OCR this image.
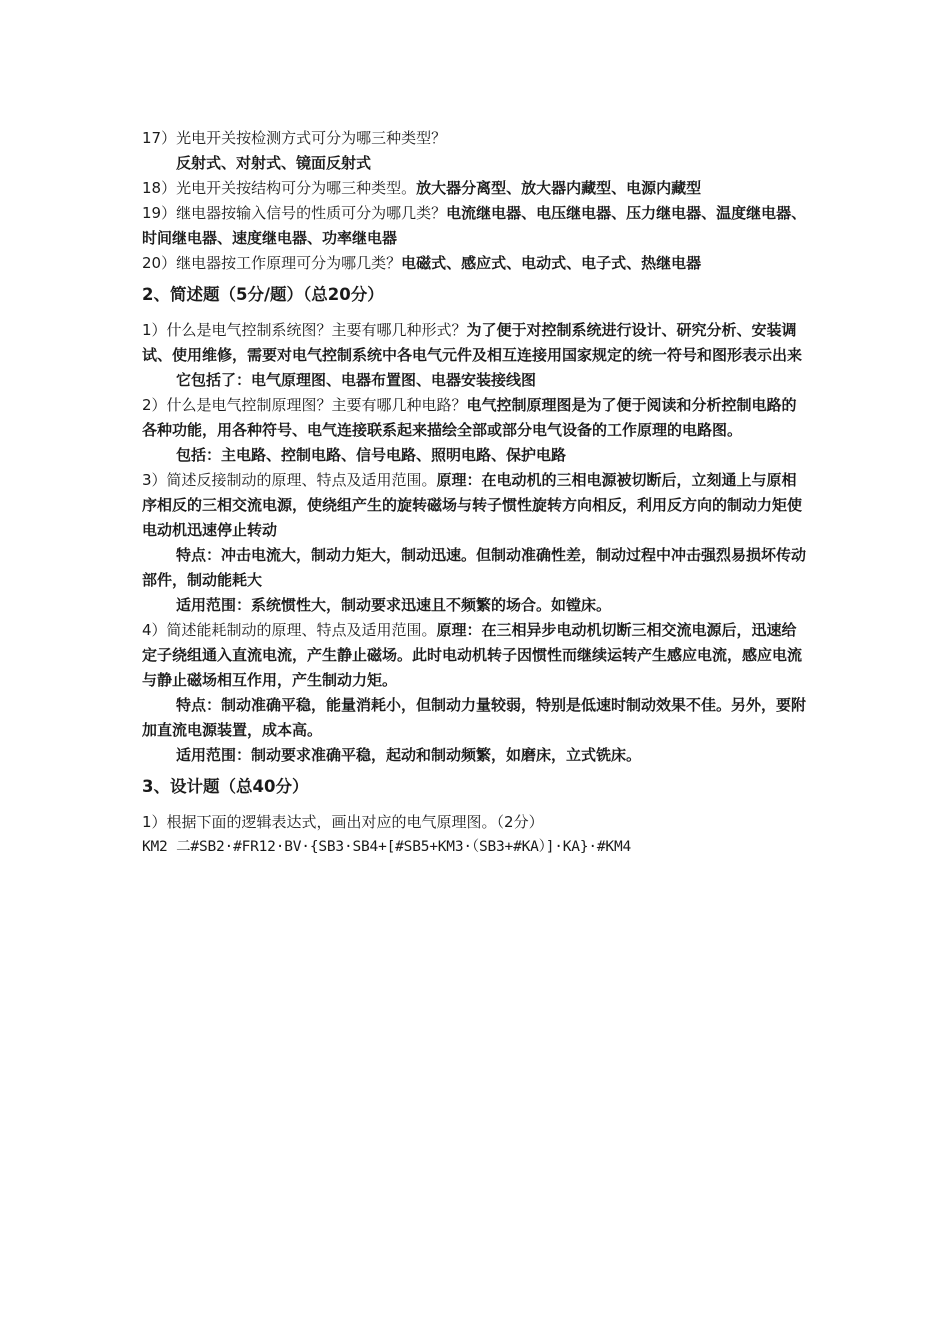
17）光电开关按检测方式可分为哪三种类型？
反射式、对射式、镜面反射式
18）光电开关按结构可分为哪三种类型。放大器分离型、放大器内藏型、电源内藏型
19）继电器按输入信号的性质可分为哪几类？电流继电器、电压继电器、压力继电器、温度继电器、时间继电器、速度继电器、功率继电器
20）继电器按工作原理可分为哪几类？电磁式、感应式、电动式、电子式、热继电器
2、简述题（5分/题）（总20分）
1）什么是电气控制系统图？主要有哪几种形式？为了便于对控制系统进行设计、研究分析、安装调试、使用维修，需要对电气控制系统中各电气元件及相互连接用国家规定的统一符号和图形表示出来
它包括了：电气原理图、电器布置图、电器安装接线图
2）什么是电气控制原理图？主要有哪几种电路？电气控制原理图是为了便于阅读和分析控制电路的各种功能，用各种符号、电气连接联系起来描绘全部或部分电气设备的工作原理的电路图。
包括：主电路、控制电路、信号电路、照明电路、保护电路
3）简述反接制动的原理、特点及适用范围。原理：在电动机的三相电源被切断后，立刻通上与原相序相反的三相交流电源，使绕组产生的旋转磁场与转子惯性旋转方向相反，利用反方向的制动力矩使电动机迅速停止转动
特点：冲击电流大，制动力矩大，制动迅速。但制动准确性差，制动过程中冲击强烈易损坏传动部件，制动能耗大
适用范围：系统惯性大，制动要求迅速且不频繁的场合。如镗床。
4）简述能耗制动的原理、特点及适用范围。原理：在三相异步电动机切断三相交流电源后，迅速给定子绕组通入直流电流，产生静止磁场。此时电动机转子因惯性而继续运转产生感应电流，感应电流与静止磁场相互作用，产生制动力矩。
特点：制动准确平稳，能量消耗小，但制动力量较弱，特别是低速时制动效果不佳。另外，要附加直流电源装置，成本高。
适用范围：制动要求准确平稳，起动和制动频繁，如磨床，立式铣床。
3、设计题（总40分）
1）根据下面的逻辑表达式，画出对应的电气原理图。（2分）
KM2 二#SB2·#FR12·BV·{SB3·SB4+[#SB5+KM3·（SB3+#KA）]·KA}·#KM4
